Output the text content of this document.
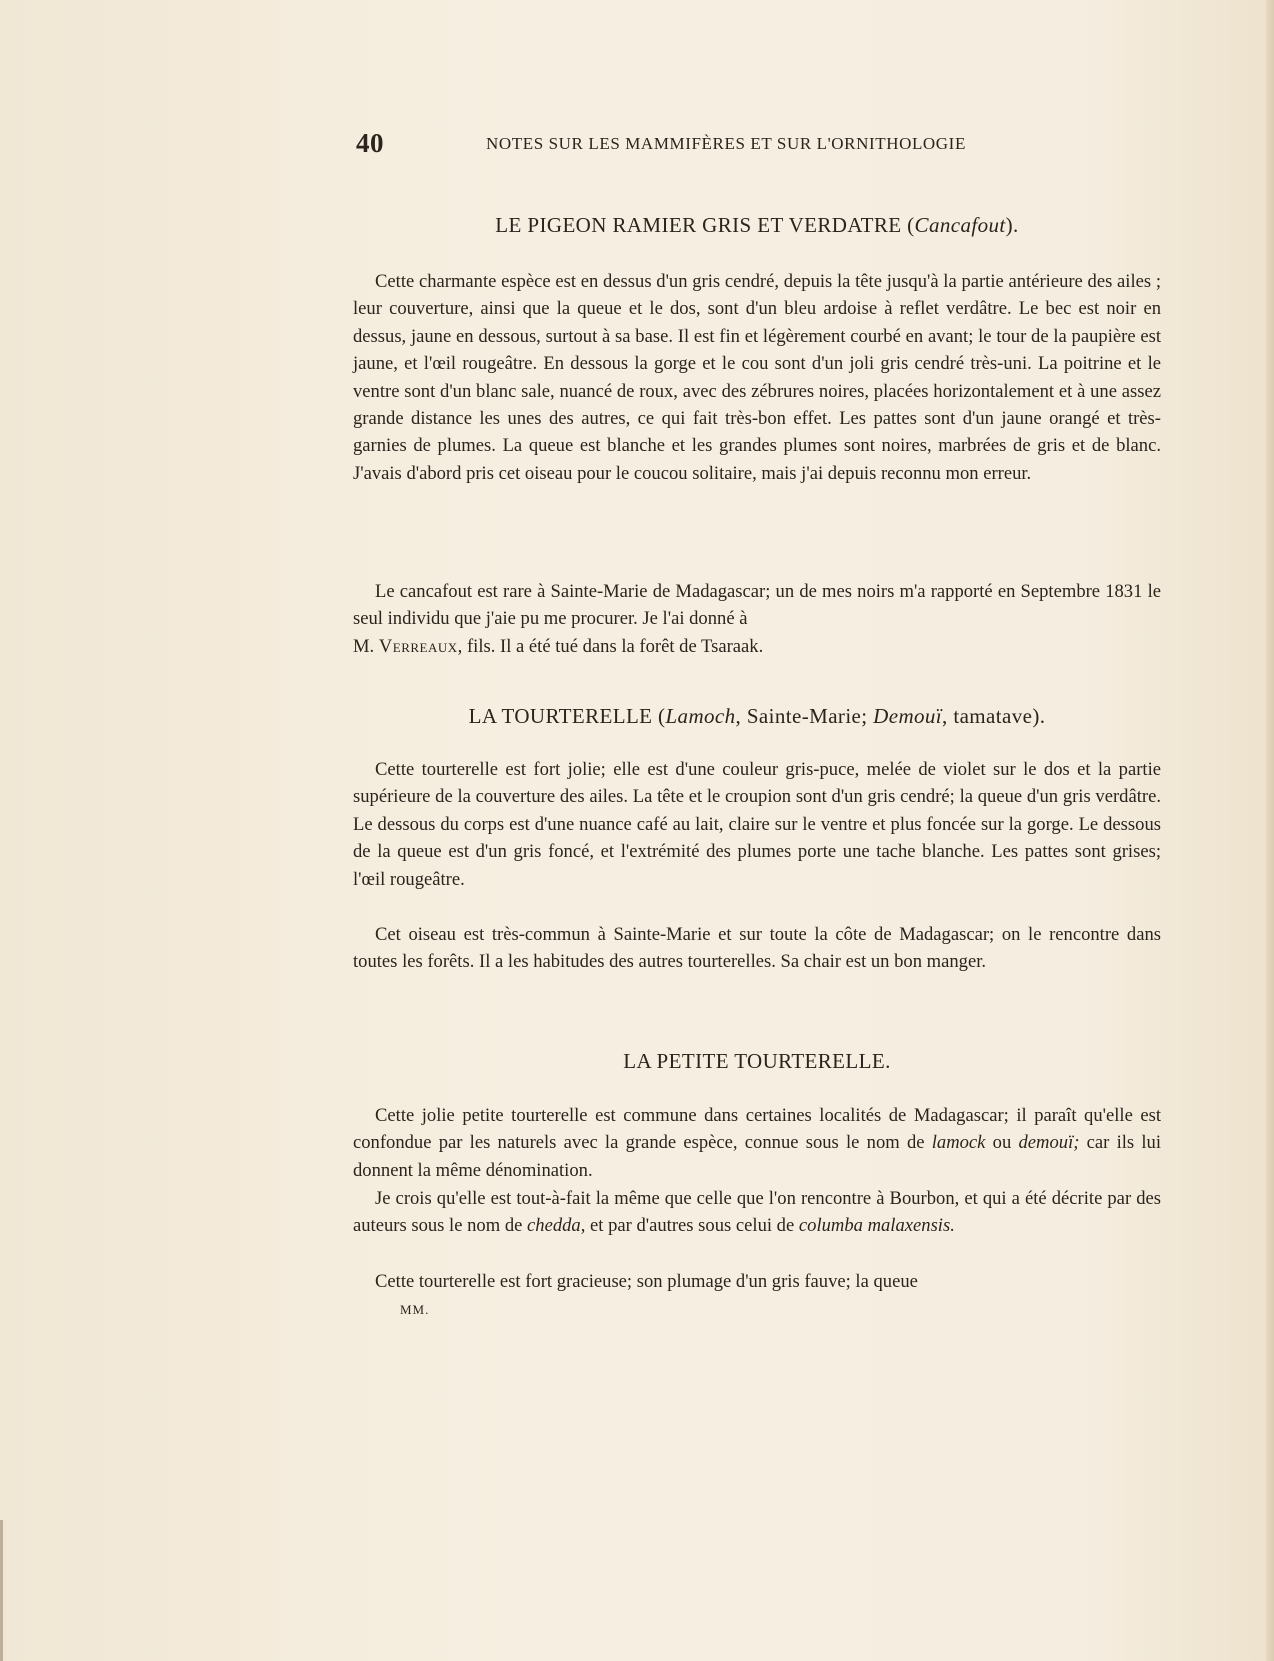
40	NOTES SUR LES MAMMIFÈRES ET SUR L'ORNITHOLOGIE
LE PIGEON RAMIER GRIS ET VERDATRE (Cancafout).

Cette charmante espèce est en dessus d'un gris cendré, depuis la tête jusqu'à la partie antérieure des ailes ; leur couverture, ainsi que la queue et le dos, sont d'un bleu ardoise à reflet verdâtre. Le bec est noir en dessus, jaune en dessous, surtout à sa base. Il est fin et légèrement courbé en avant; le tour de la paupière est jaune, et l'œil rougeâtre. En dessous la gorge et le cou sont d'un joli gris cendré très-uni. La poitrine et le ventre sont d'un blanc sale, nuancé de roux, avec des zébrures noires, placées horizontalement et à une assez grande distance les unes des autres, ce qui fait très-bon effet. Les pattes sont d'un jaune orangé et très-garnies de plumes. La queue est blanche et les grandes plumes sont noires, marbrées de gris et de blanc. J'avais d'abord pris cet oiseau pour le coucou solitaire, mais j'ai depuis reconnu mon erreur.

Le cancafout est rare à Sainte-Marie de Madagascar; un de mes noirs m'a rapporté en Septembre 1831 le seul individu que j'aie pu me procurer. Je l'ai donné à

M. Verreaux, fils. Il a été tué dans la forêt de Tsaraak.

LA TOURTERELLE (Lamoch, Sainte-Marie; Demouï, tamatave).

Cette tourterelle est fort jolie; elle est d'une couleur gris-puce, melée de violet sur le dos et la partie supérieure de la couverture des ailes. La tête et le croupion sont d'un gris cendré; la queue d'un gris verdâtre. Le dessous du corps est d'une nuance café au lait, claire sur le ventre et plus foncée sur la gorge. Le dessous de la queue est d'un gris foncé, et l'extrémité des plumes porte une tache blanche. Les pattes sont grises; l'œil rougeâtre.

Cet oiseau est très-commun à Sainte-Marie et sur toute la côte de Madagascar; on le rencontre dans toutes les forêts. Il a les habitudes des autres tourterelles. Sa chair est un bon manger.

LA PETITE TOURTERELLE.

Cette jolie petite tourterelle est commune dans certaines localités de Madagascar; il paraît qu'elle est confondue par les naturels avec la grande espèce, connue sous le nom de lamock ou demouï; car ils lui donnent la même dénomination.

Je crois qu'elle est tout-à-fait la même que celle que l'on rencontre à Bourbon, et qui a été décrite par des auteurs sous le nom de chedda, et par d'autres sous celui de columba malaxensis.

Cette tourterelle est fort gracieuse; son plumage d'un gris fauve; la queue

MM.
